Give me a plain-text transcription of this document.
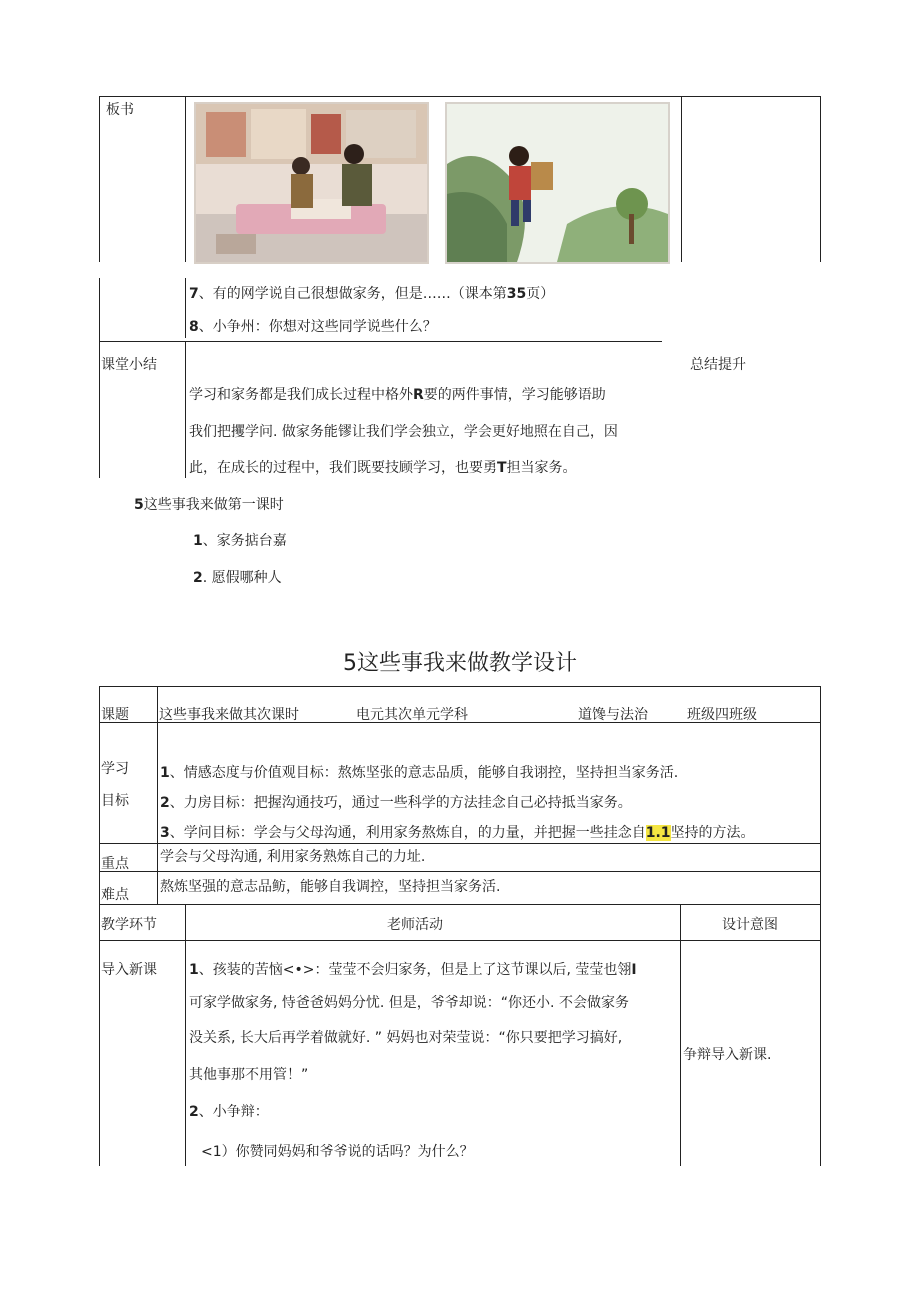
板书
7、有的网学说自己很想做家务，但是……（课本第35页）
8、小争州：你想对这些同学说些什么？
课堂小结	总结提升
学习和家务都是我们成长过程中格外R要的两件事情，学习能够语助
我们把攫学问. 做家务能镠让我们学会独立，学会更好地照在自己，因
此，在成长的过程中，我们既要技顾学习，也要勇T担当家务。
5这些事我来做第一课时
1、家务掂台嘉
2. 愿假哪种人
5这些事我来做教学设计
课题 这些事我来做其次课时	电元其次单元学科	道馋与法治	班级四班级
学习
目标
1、情感态度与价值观目标：熬炼坚张的意志品质，能够自我诩控，坚持担当家务活.
2、力房目标：把握沟通技巧，通过一些科学的方法挂念自己必持抵当家务。
3、学问目标：学会与父母沟通，利用家务熬炼自，的力量，并把握一些挂念自1.1坚持的方法。
重点 学会与父母沟通, 利用家务熟炼自己的力址.
难点 熬炼坚强的意志品鲂，能够自我调控，坚持担当家务活.
教学环节	老师活动	设计意图
导入新课 1、孩装的苦恼<•>：莹莹不会归家务，但是上了这节课以后, 莹莹也翎I
可家学做家务, 恃爸爸妈妈分忧. 但是，爷爷却说：“你还小. 不会做家务
没关系, 长大后再学着做就好. ” 妈妈也对荣莹说：“你只要把学习搞好,
其他事那不用管！”
2、小争辩：
<1）你赞同妈妈和爷爷说的话吗？为什么？
争辩导入新课.
